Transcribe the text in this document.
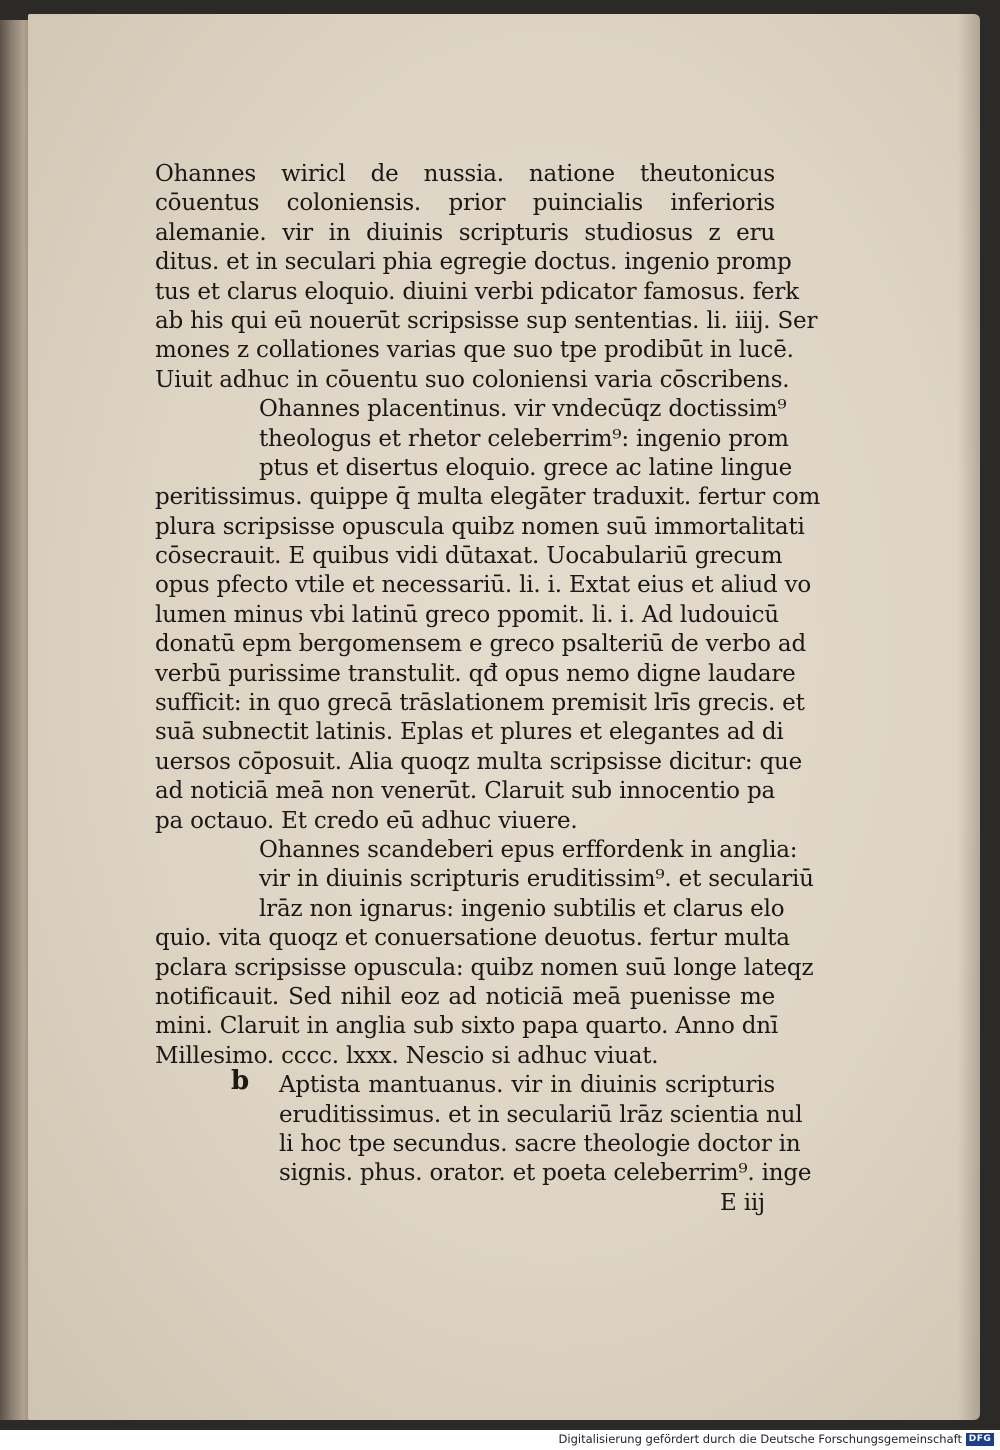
Ohannes wiricl de nussia. natione theutonicus
cōuentus coloniensis. prior puincialis inferioris
alemanie. vir in diuinis scripturis studiosus z eru
ditus. et in seculari phia egregie doctus. ingenio promp
tus et clarus eloquio. diuini verbi pdicator famosus. ferk
ab his qui eū nouerūt scripsisse sup sententias. li. iiij. Ser
mones z collationes varias que suo tpe prodibūt in lucē.
Uiuit adhuc in cōuentu suo coloniensi varia cōscribens.
Ohannes placentinus. vir vndecūqz doctissim⁹
theologus et rhetor celeberrim⁹: ingenio prom
ptus et disertus eloquio. grece ac latine lingue
peritissimus. quippe q̄ multa elegāter traduxit. fertur com
plura scripsisse opuscula quibz nomen suū immortalitati
cōsecrauit. E quibus vidi dūtaxat. Uocabulariū grecum
opus pfecto vtile et necessariū. li. i. Extat eius et aliud vo
lumen minus vbi latinū greco ppomit. li. i. Ad ludouicū
donatū epm bergomensem e greco psalteriū de verbo ad
verbū purissime transtulit. qđ opus nemo digne laudare
sufficit: in quo grecā trāslationem premisit lrīs grecis. et
suā subnectit latinis. Eplas et plures et elegantes ad di
uersos cōposuit. Alia quoqz multa scripsisse dicitur: que
ad noticiā meā non venerūt. Claruit sub innocentio pa
pa octauo. Et credo eū adhuc viuere.
Ohannes scandeberi epus erffordenk in anglia:
vir in diuinis scripturis eruditissim⁹. et seculariū
lrāz non ignarus: ingenio subtilis et clarus elo
quio. vita quoqz et conuersatione deuotus. fertur multa
pclara scripsisse opuscula: quibz nomen suū longe lateqz
notificauit. Sed nihil eoz ad noticiā meā puenisse me
mini. Claruit in anglia sub sixto papa quarto. Anno dnī
Millesimo. cccc. lxxx. Nescio si adhuc viuat.
Aptista mantuanus. vir in diuinis scripturis
eruditissimus. et in seculariū lrāz scientia nul
li hoc tpe secundus. sacre theologie doctor in
signis. phus. orator. et poeta celeberrim⁹. inge
E iij
b
Digitalisierung gefördert durch die Deutsche Forschungsgemeinschaft DFG
